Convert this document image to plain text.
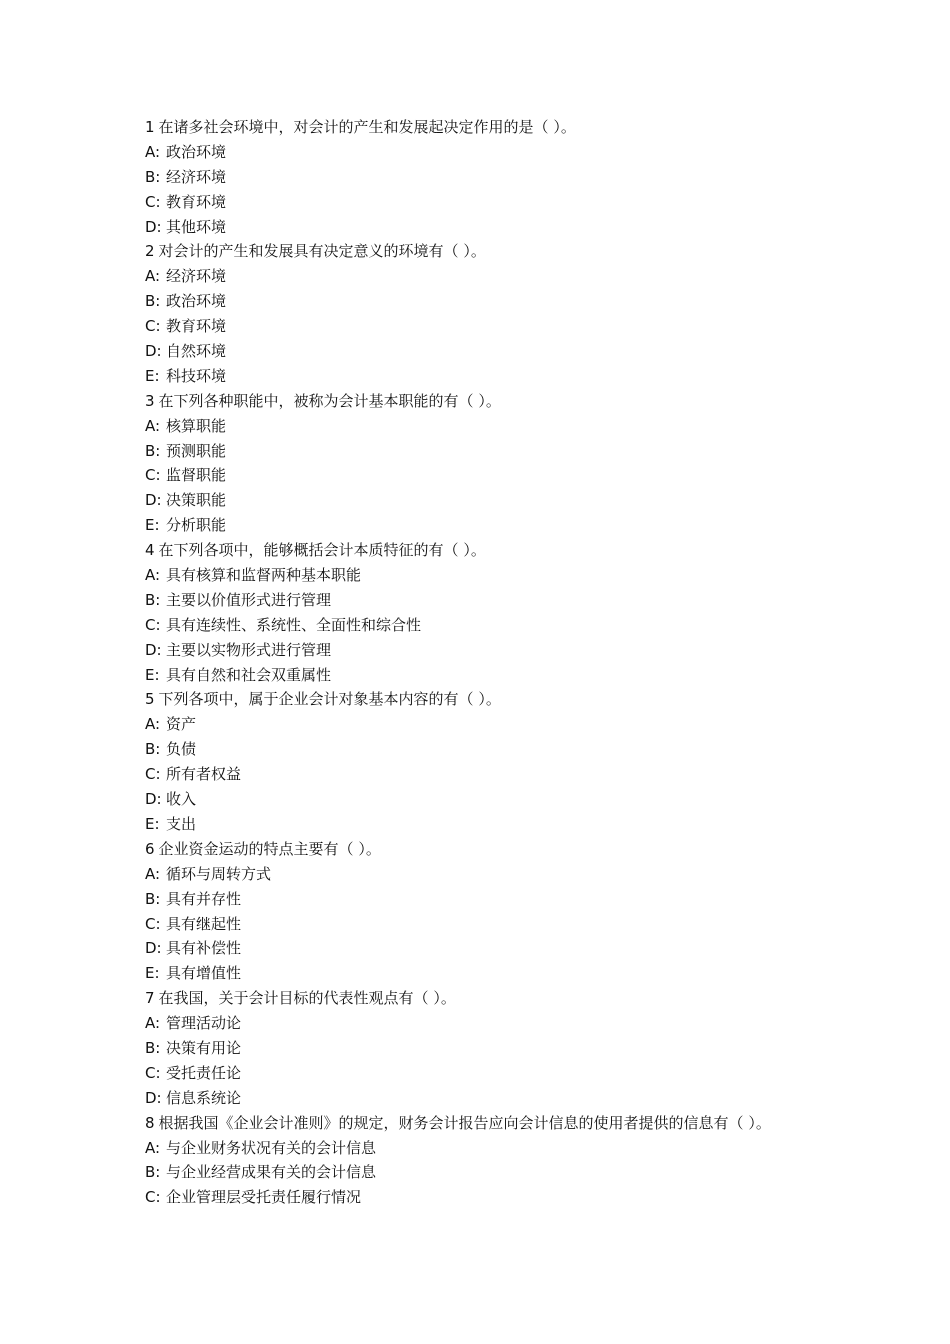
1 在诸多社会环境中，对会计的产生和发展起决定作用的是（ ）。
A: 政治环境
B: 经济环境
C: 教育环境
D: 其他环境
2 对会计的产生和发展具有决定意义的环境有（ ）。
A: 经济环境
B: 政治环境
C: 教育环境
D: 自然环境
E: 科技环境
3 在下列各种职能中，被称为会计基本职能的有（ ）。
A: 核算职能
B: 预测职能
C: 监督职能
D: 决策职能
E: 分析职能
4 在下列各项中，能够概括会计本质特征的有（ ）。
A: 具有核算和监督两种基本职能
B: 主要以价值形式进行管理
C: 具有连续性、系统性、全面性和综合性
D: 主要以实物形式进行管理
E: 具有自然和社会双重属性
5 下列各项中，属于企业会计对象基本内容的有（ ）。
A: 资产
B: 负债
C: 所有者权益
D: 收入
E: 支出
6 企业资金运动的特点主要有（ ）。
A: 循环与周转方式
B: 具有并存性
C: 具有继起性
D: 具有补偿性
E: 具有增值性
7 在我国，关于会计目标的代表性观点有（ ）。
A: 管理活动论
B: 决策有用论
C: 受托责任论
D: 信息系统论
8 根据我国《企业会计准则》的规定，财务会计报告应向会计信息的使用者提供的信息有（ ）。
A: 与企业财务状况有关的会计信息
B: 与企业经营成果有关的会计信息
C: 企业管理层受托责任履行情况
